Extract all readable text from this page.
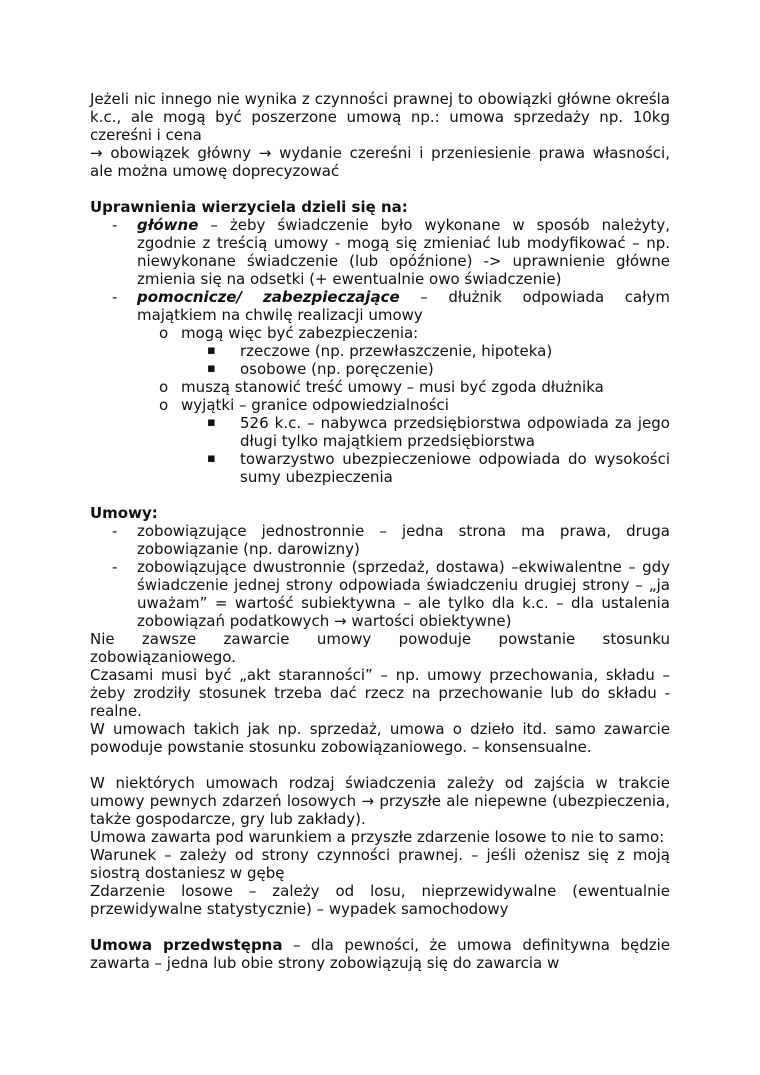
Jeżeli nic innego nie wynika z czynności prawnej to obowiązki główne określa k.c., ale mogą być poszerzone umową np.: umowa sprzedaży np. 10kg czereśni i cena

→ obowiązek główny → wydanie czereśni i przeniesienie prawa własności, ale można umowę doprecyzować

Uprawnienia wierzyciela dzieli się na:
- główne – żeby świadczenie było wykonane w sposób należyty, zgodnie z treścią umowy - mogą się zmieniać lub modyfikować – np. niewykonane świadczenie (lub opóźnione) -> uprawnienie główne zmienia się na odsetki (+ ewentualnie owo świadczenie)
- pomocnicze/ zabezpieczające – dłużnik odpowiada całym majątkiem na chwilę realizacji umowy
o mogą więc być zabezpieczenia:
▪ rzeczowe (np. przewłaszczenie, hipoteka)
▪ osobowe (np. poręczenie)
o muszą stanowić treść umowy – musi być zgoda dłużnika
o wyjątki – granice odpowiedzialności
▪ 526 k.c. – nabywca przedsiębiorstwa odpowiada za jego długi tylko majątkiem przedsiębiorstwa
▪ towarzystwo ubezpieczeniowe odpowiada do wysokości sumy ubezpieczenia
Umowy:
- zobowiązujące jednostronnie – jedna strona ma prawa, druga zobowiązanie (np. darowizny)
- zobowiązujące dwustronnie (sprzedaż, dostawa) –ekwiwalentne – gdy świadczenie jednej strony odpowiada świadczeniu drugiej strony – „ja uważam” = wartość subiektywna – ale tylko dla k.c. – dla ustalenia zobowiązań podatkowych → wartości obiektywne)

Nie zawsze zawarcie umowy powoduje powstanie stosunku zobowiązaniowego.

Czasami musi być „akt staranności” – np. umowy przechowania, składu – żeby zrodziły stosunek trzeba dać rzecz na przechowanie lub do składu - realne.

W umowach takich jak np. sprzedaż, umowa o dzieło itd. samo zawarcie powoduje powstanie stosunku zobowiązaniowego. – konsensualne.

W niektórych umowach rodzaj świadczenia zależy od zajścia w trakcie umowy pewnych zdarzeń losowych → przyszłe ale niepewne (ubezpieczenia, także gospodarcze, gry lub zakłady).

Umowa zawarta pod warunkiem a przyszłe zdarzenie losowe to nie to samo:

Warunek – zależy od strony czynności prawnej. – jeśli ożenisz się z moją siostrą dostaniesz w gębę

Zdarzenie losowe – zależy od losu, nieprzewidywalne (ewentualnie przewidywalne statystycznie) – wypadek samochodowy

Umowa przedwstępna – dla pewności, że umowa definitywna będzie zawarta – jedna lub obie strony zobowiązują się do zawarcia w
